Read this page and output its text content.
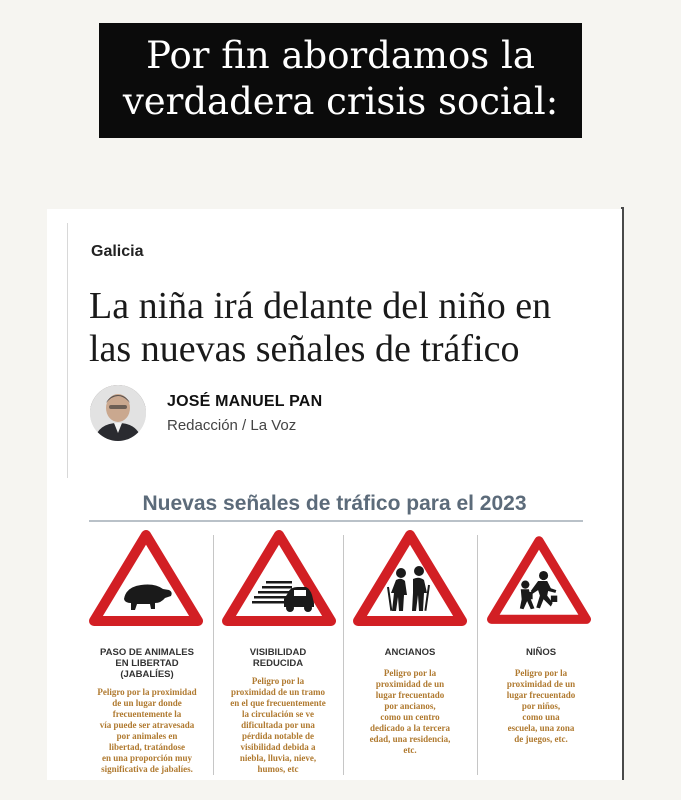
Por fin abordamos la
verdadera crisis social:
Galicia
La niña irá delante del niño en
las nuevas señales de tráfico
JOSÉ MANUEL PAN
Redacción / La Voz
Nuevas señales de tráfico para el 2023
PASO DE ANIMALES
EN LIBERTAD
(JABALÍES)
Peligro por la proximidad
de un lugar donde
frecuentemente la
vía puede ser atravesada
por animales en
libertad, tratándose
en una proporción muy
significativa de jabalíes.
VISIBILIDAD
REDUCIDA
Peligro por la
proximidad de un tramo
en el que frecuentemente
la circulación se ve
dificultada por una
pérdida notable de
visibilidad debida a
niebla, lluvia, nieve,
humos, etc
ANCIANOS
Peligro por la
proximidad de un
lugar frecuentado
por ancianos,
como un centro
dedicado a la tercera
edad, una residencia,
etc.
NIÑOS
Peligro por la
proximidad de un
lugar frecuentado
por niños,
como una
escuela, una zona
de juegos, etc.
